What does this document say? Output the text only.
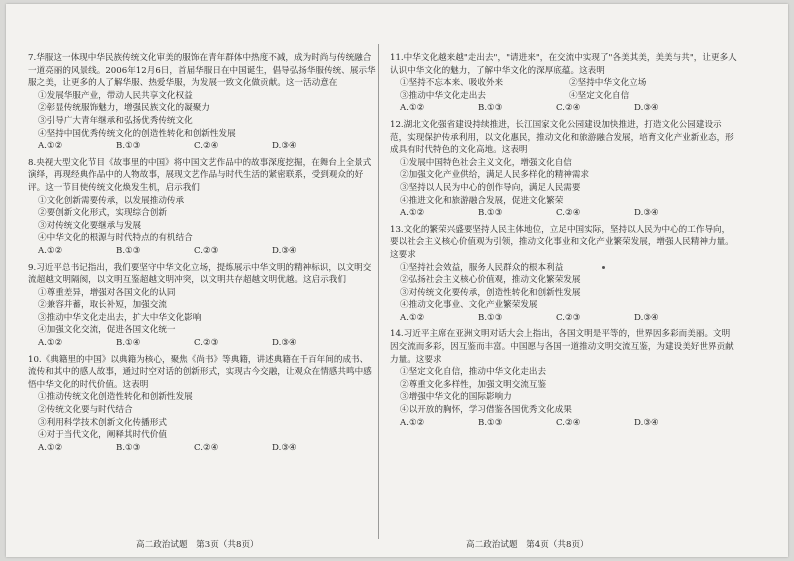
7.华服这一体现中华民族传统文化审美的服饰在青年群体中热度不减，成为时尚与传统融合一道亮丽的风景线。2006年12月6日，首届华服日在中国诞生，倡导弘扬华服传统、展示华服之美，让更多的人了解华服、热爱华服，为发展一致文化做贡献。这一活动意在
①发展华服产业，带动人民共享文化权益
②彰显传统服饰魅力，增强民族文化的凝聚力
③引导广大青年继承和弘扬优秀传统文化
④坚持中国优秀传统文化的创造性转化和创新性发展
A.①②	B.①③	C.②④	D.③④
8.央视大型文化节目《故事里的中国》将中国文艺作品中的故事深度挖掘，在舞台上全景式演绎，再现经典作品中的人物故事，展现文艺作品与时代生活的紧密联系，受到观众的好评。这一节目使传统文化焕发生机，启示我们
①文化创新需要传承，以发展推动传承
②要创新文化形式，实现综合创新
③对传统文化要继承与发展
④中华文化的根源与时代特点的有机结合
A.①②	B.①③	C.②③	D.③④
9.习近平总书记指出，我们要坚守中华文化立场，提炼展示中华文明的精神标识，以文明交流超越文明隔阂，以文明互鉴超越文明冲突，以文明共存超越文明优越。这启示我们
①尊重差异，增强对各国文化的认同
②兼容并蓄，取长补短，加强交流
③推动中华文化走出去，扩大中华文化影响
④加强文化交流，促进各国文化统一
A.①②	B.①④	C.②③	D.③④
10.《典籍里的中国》以典籍为核心，聚焦《尚书》等典籍，讲述典籍在千百年间的成书、流传和其中的感人故事，通过时空对话的创新形式，实现古今交融，让观众在情感共鸣中感悟中华文化的时代价值。这表明
①推动传统文化创造性转化和创新性发展
②传统文化要与时代结合
③利用科学技术创新文化传播形式
④对于当代文化，阐释其时代价值
A.①②	B.①③	C.②④	D.③④
11.中华文化越来越"走出去"，"请进来"，在交流中实现了"各美其美，美美与共"，让更多人认识中华文化的魅力，了解中华文化的深厚底蕴。这表明
①坚持不忘本来、吸收外来	②坚持中华文化立场
③推动中华文化走出去	④坚定文化自信
A.①②	B.①③	C.②④	D.③④
12.湖北文化强省建设持续推进，长江国家文化公园建设加快推进，打造文化公园建设示范，实现保护传承利用，以文化惠民，推动文化和旅游融合发展，培育文化产业新业态，形成具有时代特色的文化高地。这表明
①发展中国特色社会主义文化，增强文化自信
②加强文化产业供给，满足人民多样化的精神需求
③坚持以人民为中心的创作导向，满足人民需要
④推进文化和旅游融合发展，促进文化繁荣
A.①②	B.①③	C.②④	D.③④
13.文化的繁荣兴盛要坚持人民主体地位，立足中国实际，坚持以人民为中心的工作导向，要以社会主义核心价值观为引领，推动文化事业和文化产业繁荣发展，增强人民精神力量。这要求
①坚持社会效益，服务人民群众的根本利益
②弘扬社会主义核心价值观，推动文化繁荣发展
③对传统文化要传承，创造性转化和创新性发展
④推动文化事业、文化产业繁荣发展
A.①②	B.①③	C.②③	D.③④
14.习近平主席在亚洲文明对话大会上指出，各国文明是平等的，世界因多彩而美丽。文明因交流而多彩，因互鉴而丰富。中国愿与各国一道推动文明交流互鉴，为建设美好世界贡献力量。这要求
①坚定文化自信，推动中华文化走出去
②尊重文化多样性，加强文明交流互鉴
③增强中华文化的国际影响力
④以开放的胸怀，学习借鉴各国优秀文化成果
A.①②	B.①③	C.②④	D.③④
高二政治试题　第3页（共8页）	高二政治试题　第4页（共8页）
